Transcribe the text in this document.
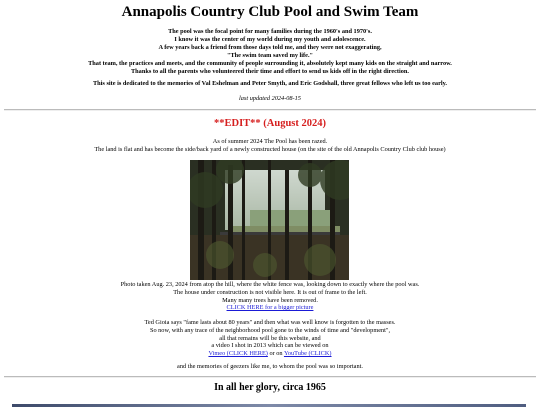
Annapolis Country Club Pool and Swim Team
The pool was the focal point for many families during the 1960's and 1970's.
I know it was the center of my world during my youth and adolescence.
A few years back a friend from those days told me, and they were not exaggerating,
"The swim team saved my life."
That team, the practices and meets, and the community of people surrounding it, absolutely kept many kids on the straight and narrow.
Thanks to all the parents who volunteered their time and effort to send us kids off in the right direction.
This site is dedicated to the memories of Val Eshelman and Peter Smyth, and Eric Godshall, three great fellows who left us too early.
last updated 2024-08-15
**EDIT** (August 2024)
As of summer 2024 The Pool has been razed.
The land is flat and has become the side/back yard of a newly constructed house (on the site of the old Annapolis Country Club club house)
Photo taken Aug. 23, 2024 from atop the hill, where the white fence was, looking down to exactly where the pool was.
The house under construction is not visible here. It is out of frame to the left.
Many many trees have been removed.
CLICK HERE for a bigger picture
Ted Gioia says "fame lasts about 80 years" and then what was well know is forgotten to the masses.
So now, with any trace of the neighborhood pool gone to the winds of time and "development",
all that remains will be this website, and
a video I shot in 2013 which can be viewed on
Vimeo (CLICK HERE) or on YouTube (CLICK)
and the memories of geezers like me, to whom the pool was so important.
In all her glory, circa 1965
